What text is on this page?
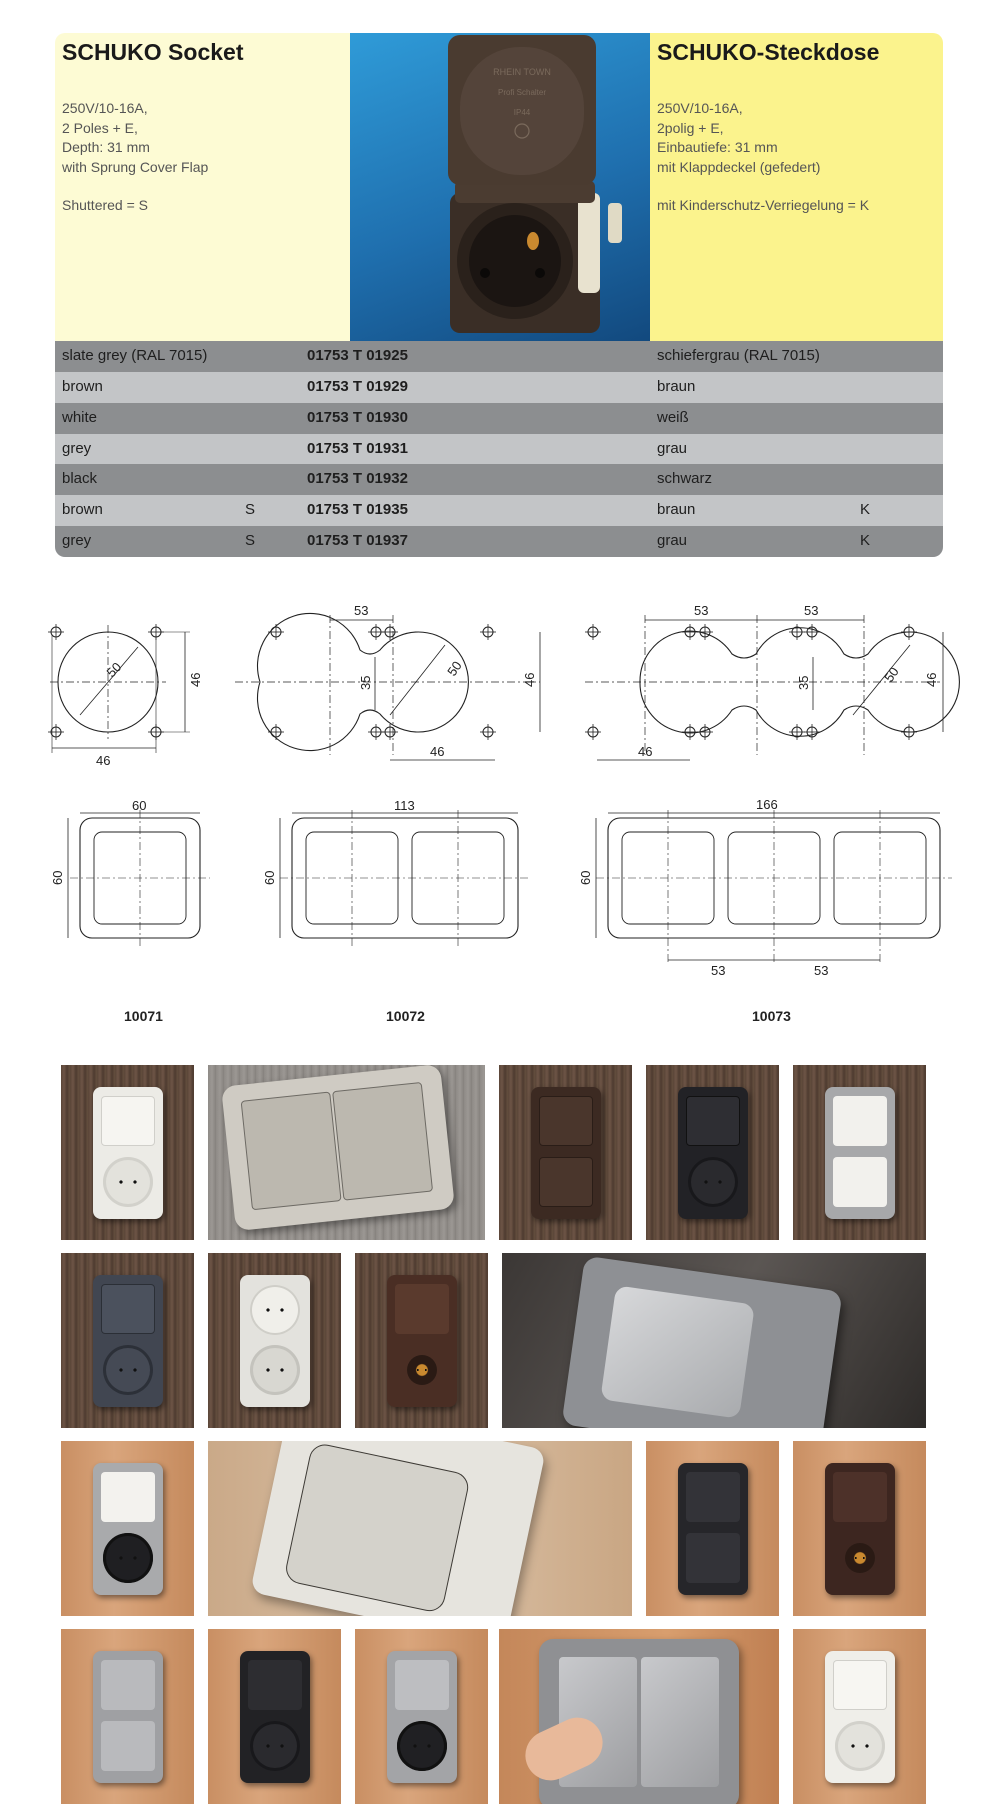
SCHUKO Socket
250V/10-16A,
2 Poles + E,
Depth: 31 mm
with Sprung Cover Flap
Shuttered = S
RHEIN TOWN
Profi Schalter
IP44
SCHUKO-Steckdose
250V/10-16A,
2polig + E,
Einbautiefe: 31 mm
mit Klappdeckel (gefedert)
mit Kinderschutz-Verriegelung = K
slate grey (RAL 7015)	01753 T 01925	schiefergrau (RAL 7015)
brown	01753 T 01929	braun
white	01753 T 01930	weiß
grey	01753 T 01931	grau
black	01753 T 01932	schwarz
brown	S	01753 T 01935	braun	K
grey	S	01753 T 01937	grau	K
50	46
46
53
35
50
46
46
53	53
35	50 46
46
60
60
113
60
166
60
53	53
10071	10072	10073
